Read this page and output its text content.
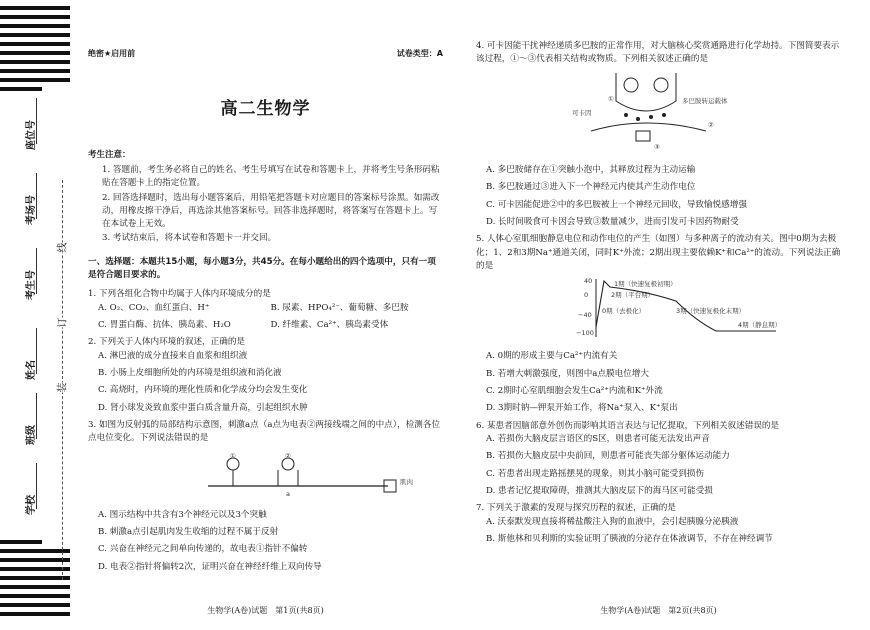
座位号
考场号
考生号
姓名
班级
学校
线
订
装
绝密★启用前	试卷类型：A
高二生物学
考生注意：

1. 答题前，考生务必将自己的姓名、考生号填写在试卷和答题卡上，并将考生号条形码粘贴在答题卡上的指定位置。

2. 回答选择题时，选出每小题答案后，用铅笔把答题卡对应题目的答案标号涂黑。如需改动，用橡皮擦干净后，再选涂其他答案标号。回答非选择题时，将答案写在答题卡上。写在本试卷上无效。

3. 考试结束后，将本试卷和答题卡一并交回。

一、选择题：本题共15小题，每小题3分，共45分。在每小题给出的四个选项中，只有一项是符合题目要求的。
1. 下列各组化合物中均属于人体内环境成分的是
A. O₂、CO₂、血红蛋白、H⁺	B. 尿素、HPO₄²⁻、葡萄糖、多巴胺
C. 胃蛋白酶、抗体、胰岛素、H₂O	D. 纤维素、Ca²⁺、胰岛素受体
2. 下列关于人体内环境的叙述，正确的是
A. 淋巴液的成分直接来自血浆和组织液
B. 小肠上皮细胞所处的内环境是组织液和消化液
C. 高烧时，内环境的理化性质和化学成分均会发生变化
D. 肾小球发炎致血浆中蛋白质含量升高，引起组织水肿
3. 如图为反射弧的局部结构示意图，刺激a点（a点为电表②两接线端之间的中点），检测各位点电位变化。下列说法错误的是
①	②
a
肌肉
A. 图示结构中共含有3个神经元以及3个突触
B. 刺激a点引起肌肉发生收缩的过程不属于反射
C. 兴奋在神经元之间单向传递的，故电表①指针不偏转
D. 电表②指针将偏转2次，证明兴奋在神经纤维上双向传导
生物学(A卷)试题　第1页(共8页)
4. 可卡因能干扰神经递质多巴胺的正常作用，对大脑核心奖赏通路进行化学劫持。下图简要表示该过程，①～③代表相关结构或物质。下列相关叙述正确的是
可卡因
多巴胺转运载体
①
②
③
A. 多巴胺储存在①突触小泡中，其释放过程为主动运输
B. 多巴胺通过③进入下一个神经元内使其产生动作电位
C. 可卡因能促进②中的多巴胺被上一个神经元回收，导致愉悦感增强
D. 长时间吸食可卡因会导致③数量减少，进而引发可卡因药物耐受
5. 人体心室肌细胞静息电位和动作电位的产生（如图）与多种离子的流动有关。图中0期为去极化；1、2和3期Na⁺通道关闭，同时K⁺外流；2期出现主要依赖K⁺和Ca²⁺的流动。下列说法正确的是
40
0
−40
−100
1期（快速复极初期）
2期（平台期）
3期（快速复极化末期）
4期（静息期）
0期（去极化）
A. 0期的形成主要与Ca²⁺内流有关
B. 若增大刺激强度，则图中a点膜电位增大
C. 2期时心室肌细胞会发生Ca²⁺内流和K⁺外流
D. 3期时钠—钾泵开始工作，将Na⁺泵入、K⁺泵出
6. 某患者因脑部意外创伤而影响其语言表达与记忆提取，下列相关叙述错误的是
A. 若损伤大脑皮层言语区的S区，则患者可能无法发出声音
B. 若损伤大脑皮层中央前回，则患者可能丧失部分躯体运动能力
C. 若患者出现走路摇摆晃的现象，则其小脑可能受到损伤
D. 患者记忆提取障碍，推测其大脑皮层下的海马区可能受损
7. 下列关于激素的发现与探究历程的叙述，正确的是
A. 沃泰默发现直接将稀盐酸注入狗的血液中，会引起胰腺分泌胰液
B. 斯他林和贝利斯的实验证明了胰液的分泌存在体液调节，不存在神经调节
生物学(A卷)试题　第2页(共8页)
